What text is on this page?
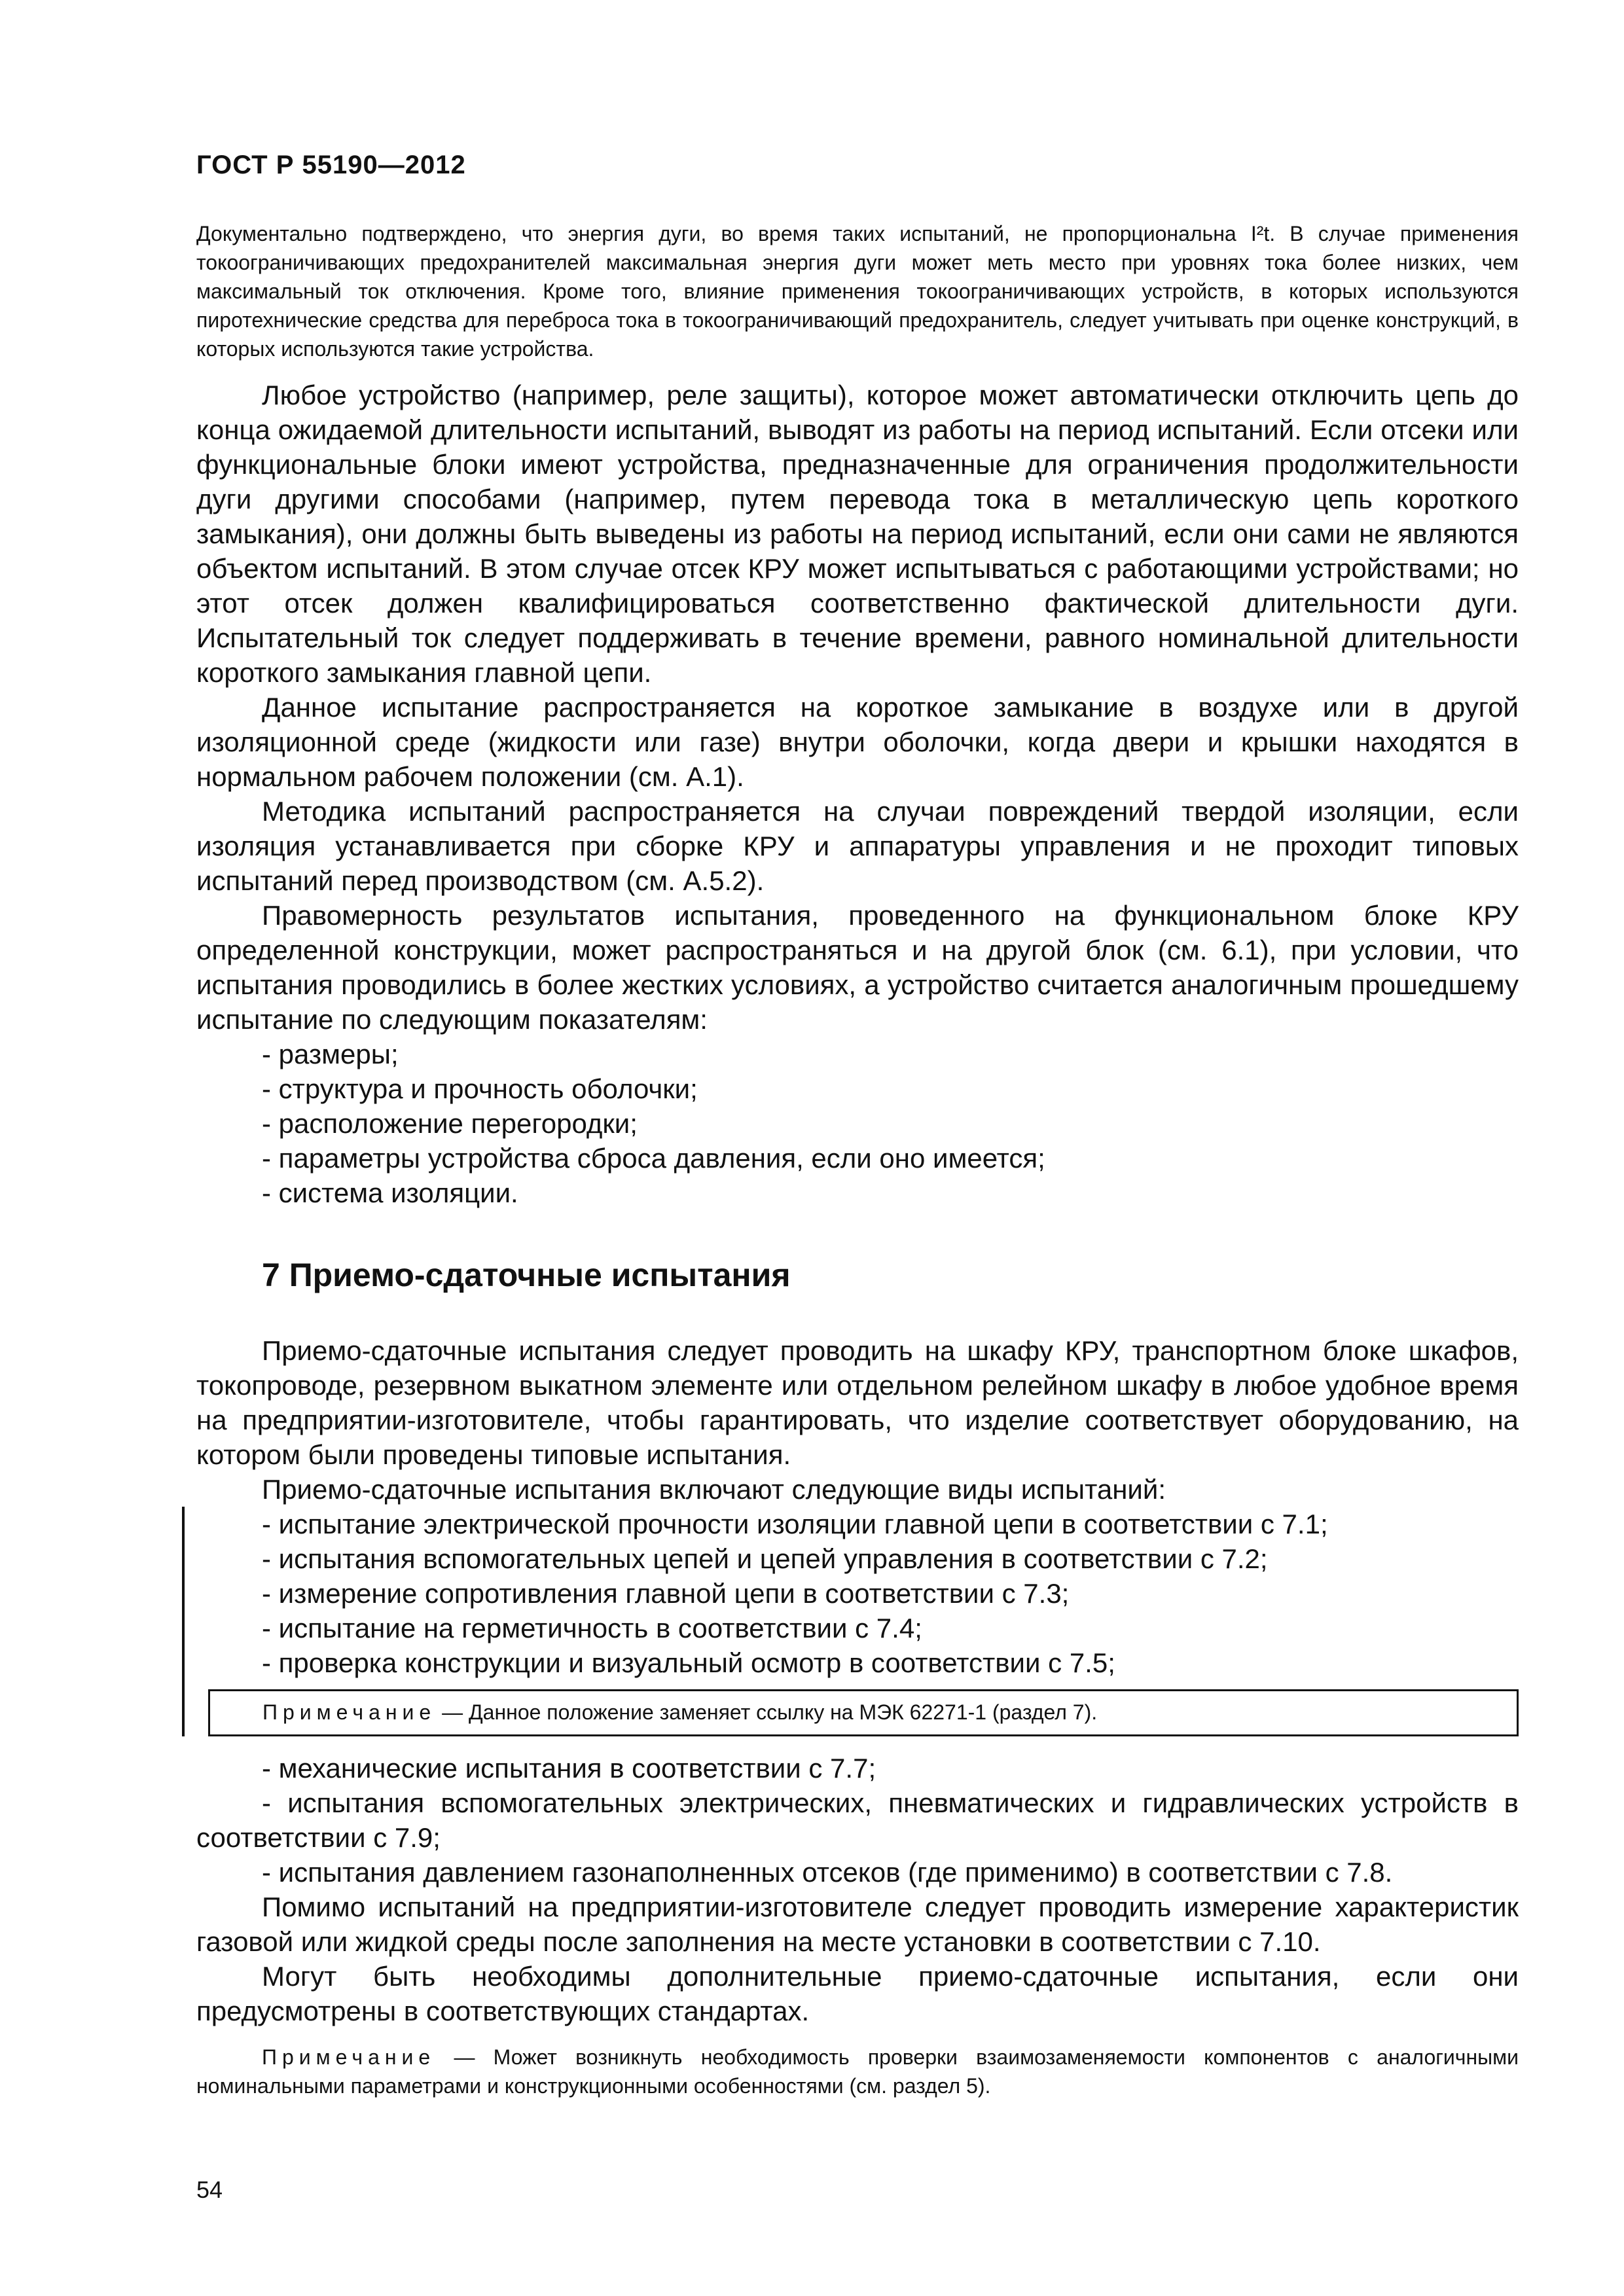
ГОСТ Р 55190—2012

Документально подтверждено, что энергия дуги, во время таких испытаний, не пропорциональна I²t. В случае применения токоограничивающих предохранителей максимальная энергия дуги может меть место при уровнях тока более низких, чем максимальный ток отключения. Кроме того, влияние применения токоограничивающих устройств, в которых используются пиротехнические средства для переброса тока в токоограничивающий предохранитель, следует учитывать при оценке конструкций, в которых используются такие устройства.

Любое устройство (например, реле защиты), которое может автоматически отключить цепь до конца ожидаемой длительности испытаний, выводят из работы на период испытаний. Если отсеки или функциональные блоки имеют устройства, предназначенные для ограничения продолжительности дуги другими способами (например, путем перевода тока в металлическую цепь короткого замыкания), они должны быть выведены из работы на период испытаний, если они сами не являются объектом испытаний. В этом случае отсек КРУ может испытываться с работающими устройствами; но этот отсек должен квалифицироваться соответственно фактической длительности дуги. Испытательный ток следует поддерживать в течение времени, равного номинальной длительности короткого замыкания главной цепи.

Данное испытание распространяется на короткое замыкание в воздухе или в другой изоляционной среде (жидкости или газе) внутри оболочки, когда двери и крышки находятся в нормальном рабочем положении (см. А.1).

Методика испытаний распространяется на случаи повреждений твердой изоляции, если изоляция устанавливается при сборке КРУ и аппаратуры управления и не проходит типовых испытаний перед производством (см. А.5.2).

Правомерность результатов испытания, проведенного на функциональном блоке КРУ определенной конструкции, может распространяться и на другой блок (см. 6.1), при условии, что испытания проводились в более жестких условиях, а устройство считается аналогичным прошедшему испытание по следующим показателям:

- размеры;
- структура и прочность оболочки;
- расположение перегородки;
- параметры устройства сброса давления, если оно имеется;
- система изоляции.
7 Приемо-сдаточные испытания

Приемо-сдаточные испытания следует проводить на шкафу КРУ, транспортном блоке шкафов, токопроводе, резервном выкатном элементе или отдельном релейном шкафу в любое удобное время на предприятии-изготовителе, чтобы гарантировать, что изделие соответствует оборудованию, на котором были проведены типовые испытания.

Приемо-сдаточные испытания включают следующие виды испытаний:

- испытание электрической прочности изоляции главной цепи в соответствии с 7.1;
- испытания вспомогательных цепей и цепей управления в соответствии с 7.2;
- измерение сопротивления главной цепи в соответствии с 7.3;
- испытание на герметичность в соответствии с 7.4;
- проверка конструкции и визуальный осмотр в соответствии с 7.5;
Примечание — Данное положение заменяет ссылку на МЭК 62271-1 (раздел 7).
- механические испытания в соответствии с 7.7;
- испытания вспомогательных электрических, пневматических и гидравлических устройств в соответствии с 7.9;
- испытания давлением газонаполненных отсеков (где применимо) в соответствии с 7.8.

Помимо испытаний на предприятии-изготовителе следует проводить измерение характеристик газовой или жидкой среды после заполнения на месте установки в соответствии с 7.10.

Могут быть необходимы дополнительные приемо-сдаточные испытания, если они предусмотрены в соответствующих стандартах.

Примечание — Может возникнуть необходимость проверки взаимозаменяемости компонентов с аналогичными номинальными параметрами и конструкционными особенностями (см. раздел 5).

54
